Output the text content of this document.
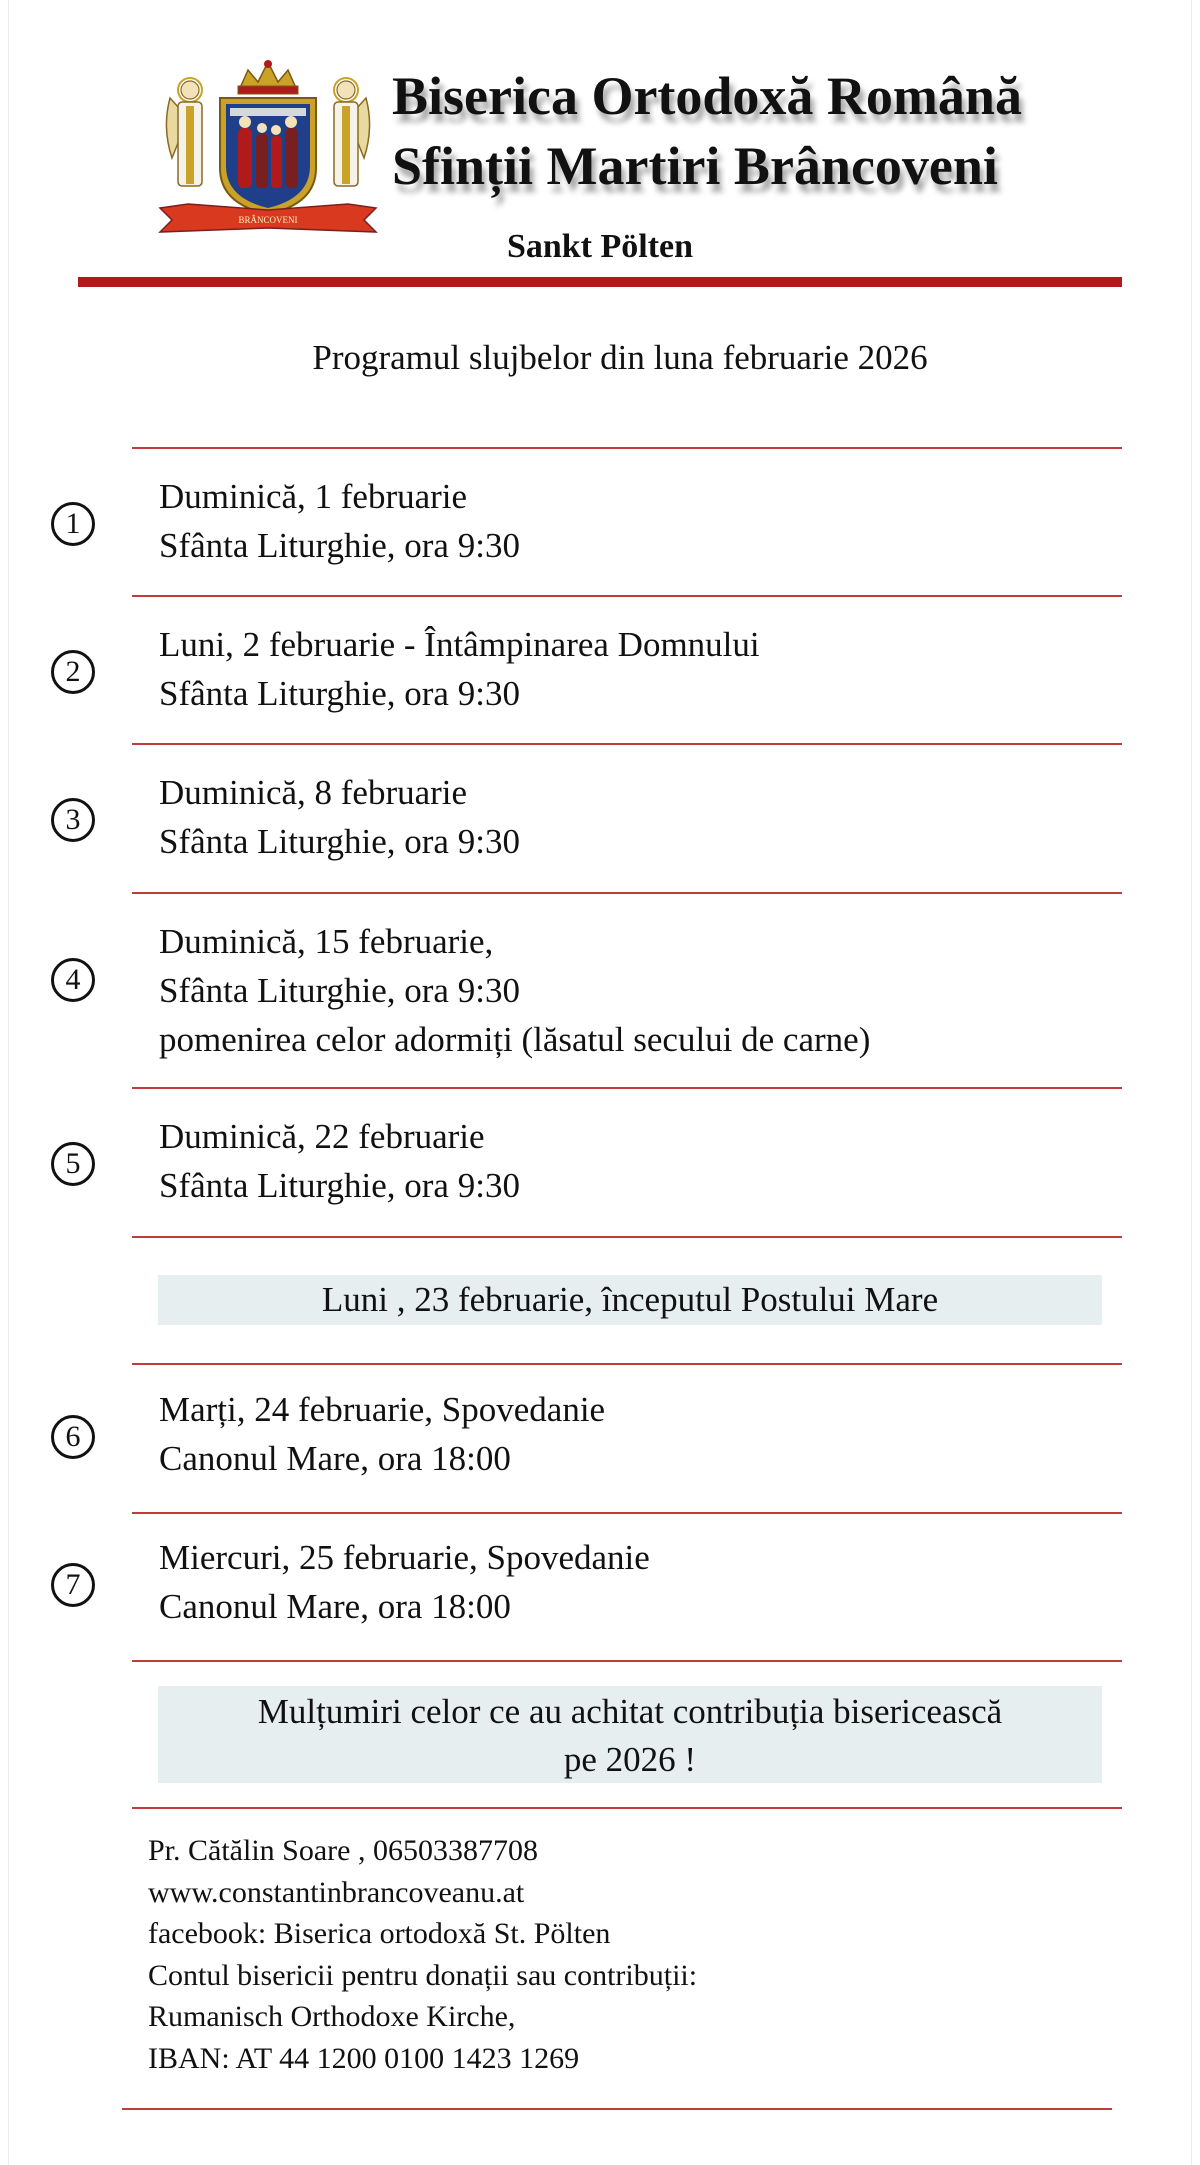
BRÂNCOVENI
Biserica Ortodoxă Română
Sfinții Martiri Brâncoveni
Sankt Pölten
Programul slujbelor din luna februarie 2026
1
Duminică, 1 februarie
Sfânta Liturghie, ora 9:30
2
Luni, 2 februarie - Întâmpinarea Domnului
Sfânta Liturghie, ora 9:30
3
Duminică, 8 februarie
Sfânta Liturghie, ora 9:30
4
Duminică, 15 februarie,
Sfânta Liturghie, ora 9:30
pomenirea celor adormiți (lăsatul secului de carne)
5
Duminică, 22 februarie
Sfânta Liturghie, ora 9:30
Luni , 23 februarie, începutul Postului Mare
6
Marți, 24 februarie, Spovedanie
Canonul Mare, ora 18:00
7
Miercuri, 25 februarie, Spovedanie
Canonul Mare, ora 18:00
Mulțumiri celor ce au achitat contribuția bisericească
pe 2026 !
Pr. Cătălin Soare , 06503387708
www.constantinbrancoveanu.at
facebook: Biserica ortodoxă St. Pölten
Contul bisericii pentru donații sau contribuții:
Rumanisch Orthodoxe Kirche,
IBAN: AT 44 1200 0100 1423 1269
